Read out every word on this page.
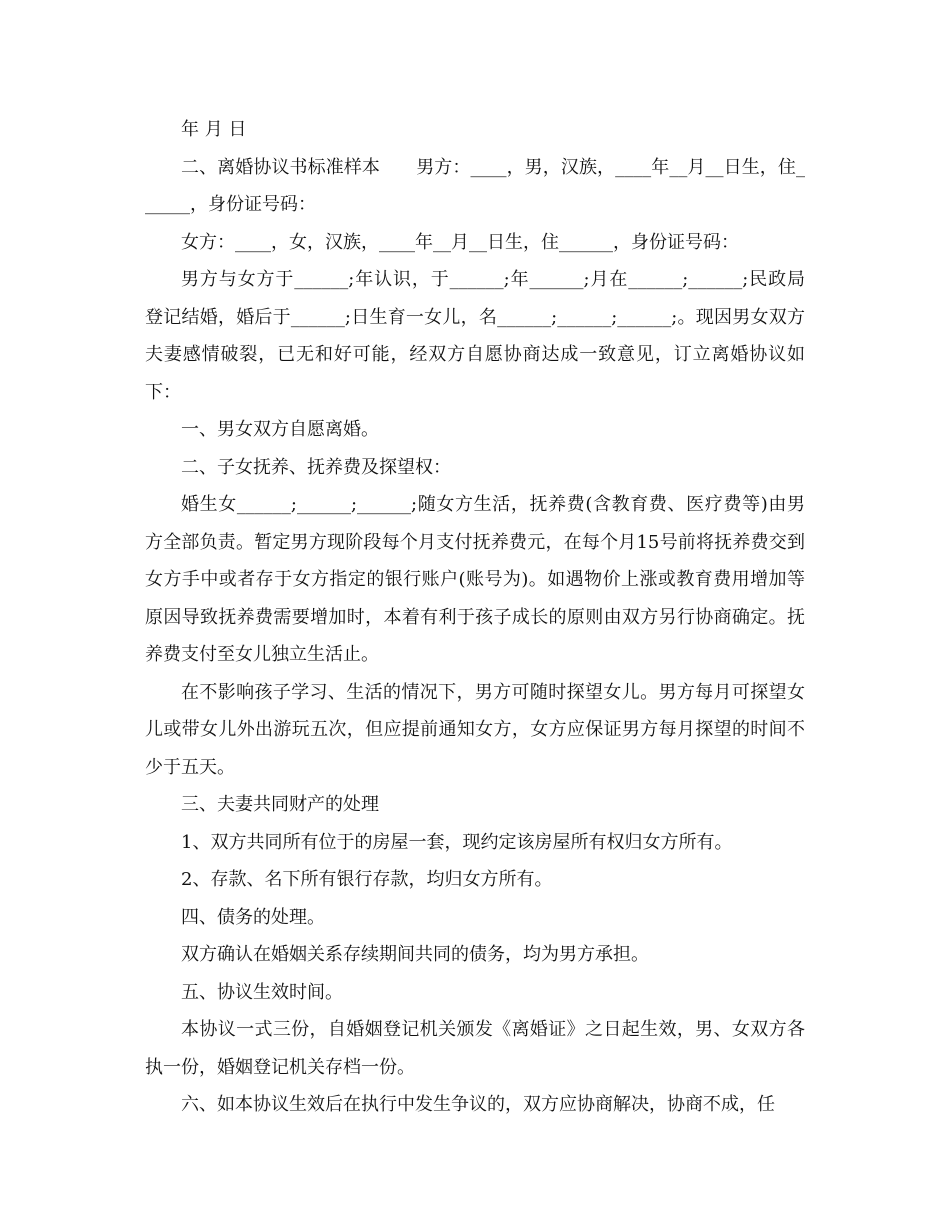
年 月 日

二、离婚协议书标准样本　　男方：____，男，汉族，____年__月__日生，住______，身份证号码：

女方：____，女，汉族，____年__月__日生，住______，身份证号码：

男方与女方于______;年认识，于______;年______;月在______;______;民政局登记结婚，婚后于______;日生育一女儿，名______;______;______;。现因男女双方夫妻感情破裂，已无和好可能，经双方自愿协商达成一致意见，订立离婚协议如下：

一、男女双方自愿离婚。

二、子女抚养、抚养费及探望权：

婚生女______;______;______;随女方生活，抚养费(含教育费、医疗费等)由男方全部负责。暂定男方现阶段每个月支付抚养费元，在每个月15号前将抚养费交到女方手中或者存于女方指定的银行账户(账号为)。如遇物价上涨或教育费用增加等原因导致抚养费需要增加时，本着有利于孩子成长的原则由双方另行协商确定。抚养费支付至女儿独立生活止。

在不影响孩子学习、生活的情况下，男方可随时探望女儿。男方每月可探望女儿或带女儿外出游玩五次，但应提前通知女方，女方应保证男方每月探望的时间不少于五天。

三、夫妻共同财产的处理

1、双方共同所有位于的房屋一套，现约定该房屋所有权归女方所有。

2、存款、名下所有银行存款，均归女方所有。

四、债务的处理。

双方确认在婚姻关系存续期间共同的债务，均为男方承担。

五、协议生效时间。

本协议一式三份，自婚姻登记机关颁发《离婚证》之日起生效，男、女双方各执一份，婚姻登记机关存档一份。

六、如本协议生效后在执行中发生争议的，双方应协商解决，协商不成，任
